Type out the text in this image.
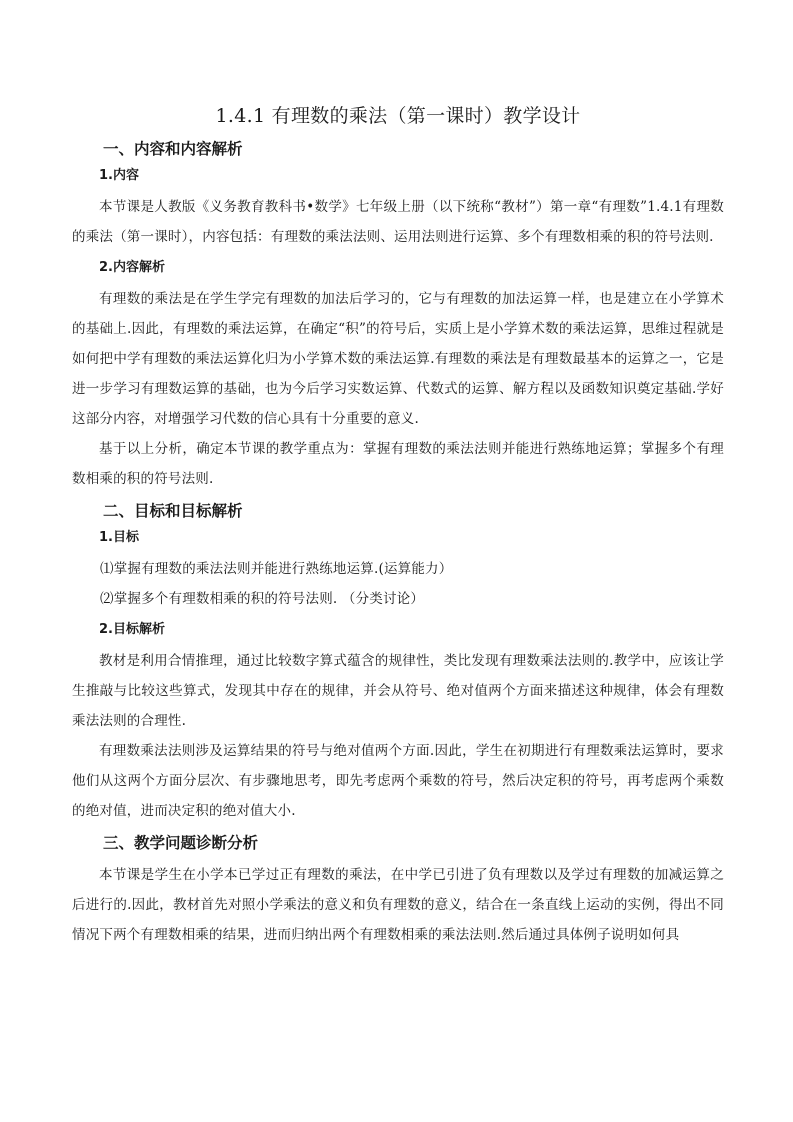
1.4.1 有理数的乘法（第一课时）教学设计
一、内容和内容解析
1.内容

本节课是人教版《义务教育教科书•数学》七年级上册（以下统称“教材”）第一章“有理数”1.4.1有理数的乘法（第一课时），内容包括：有理数的乘法法则、运用法则进行运算、多个有理数相乘的积的符号法则.

2.内容解析

有理数的乘法是在学生学完有理数的加法后学习的，它与有理数的加法运算一样，也是建立在小学算术的基础上.因此，有理数的乘法运算，在确定“积”的符号后，实质上是小学算术数的乘法运算，思维过程就是如何把中学有理数的乘法运算化归为小学算术数的乘法运算.有理数的乘法是有理数最基本的运算之一，它是进一步学习有理数运算的基础，也为今后学习实数运算、代数式的运算、解方程以及函数知识奠定基础.学好这部分内容，对增强学习代数的信心具有十分重要的意义.

基于以上分析，确定本节课的教学重点为：掌握有理数的乘法法则并能进行熟练地运算；掌握多个有理数相乘的积的符号法则.

二、目标和目标解析
1.目标
⑴掌握有理数的乘法法则并能进行熟练地运算.(运算能力）
⑵掌握多个有理数相乘的积的符号法则. （分类讨论）
2.目标解析

教材是利用合情推理，通过比较数字算式蕴含的规律性，类比发现有理数乘法法则的.教学中，应该让学生推敲与比较这些算式，发现其中存在的规律，并会从符号、绝对值两个方面来描述这种规律，体会有理数乘法法则的合理性.

有理数乘法法则涉及运算结果的符号与绝对值两个方面.因此，学生在初期进行有理数乘法运算时，要求他们从这两个方面分层次、有步骤地思考，即先考虑两个乘数的符号，然后决定积的符号，再考虑两个乘数的绝对值，进而决定积的绝对值大小.

三、教学问题诊断分析

本节课是学生在小学本已学过正有理数的乘法，在中学已引进了负有理数以及学过有理数的加减运算之后进行的.因此，教材首先对照小学乘法的意义和负有理数的意义，结合在一条直线上运动的实例，得出不同情况下两个有理数相乘的结果，进而归纳出两个有理数相乘的乘法法则.然后通过具体例子说明如何具
